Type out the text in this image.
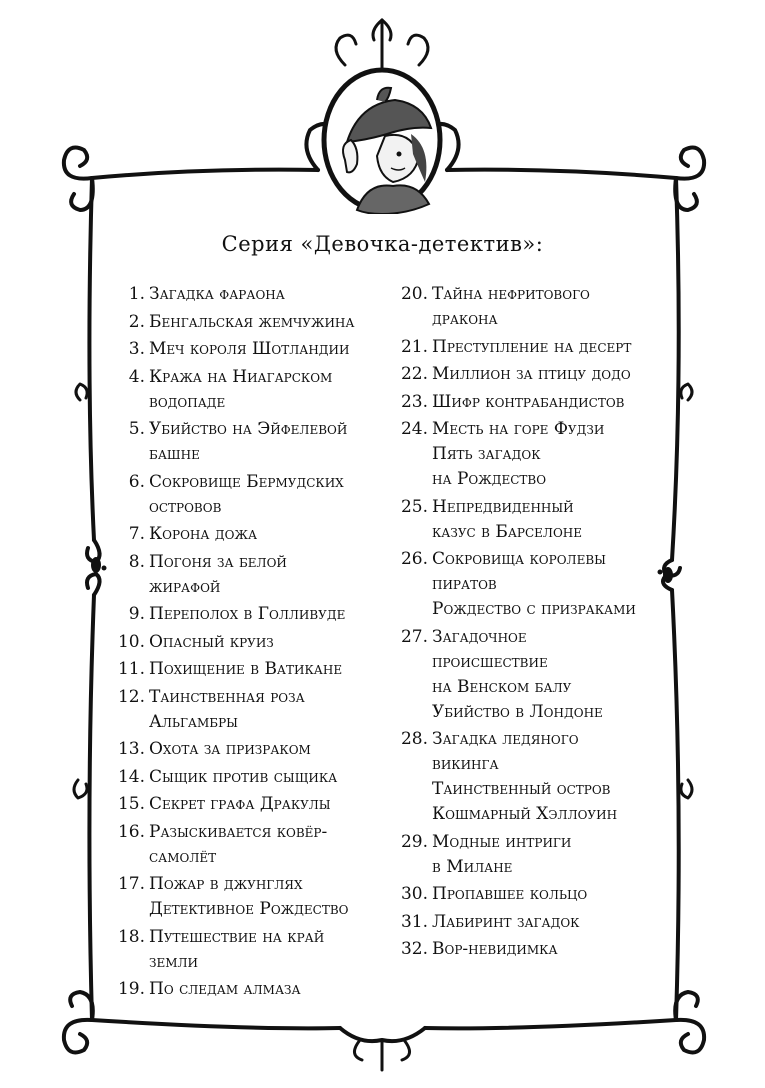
Серия «Девочка-детектив»:
1. Загадка фараона
2. Бенгальская жемчужина
3. Меч короля Шотландии
4. Кража на Ниагарском
водопаде
5. Убийство на Эйфелевой
башне
6. Сокровище Бермудских
островов
7. Корона дожа
8. Погоня за белой
жирафой
9. Переполох в Голливуде
10. Опасный круиз
11. Похищение в Ватикане
12. Таинственная роза
Альгамбры
13. Охота за призраком
14. Сыщик против сыщика
15. Секрет графа Дракулы
16. Разыскивается ковёр-
самолёт
17. Пожар в джунглях
Детективное Рождество
18. Путешествие на край
земли
19. По следам алмаза
20. Тайна нефритового
дракона
21. Преступление на десерт
22. Миллион за птицу додо
23. Шифр контрабандистов
24. Месть на горе Фудзи
Пять загадок
на Рождество
25. Непредвиденный
казус в Барселоне
26. Сокровища королевы
пиратов
Рождество с призраками
27. Загадочное
происшествие
на Венском балу
Убийство в Лондоне
28. Загадка ледяного
викинга
Таинственный остров
Кошмарный Хэллоуин
29. Модные интриги
в Милане
30. Пропавшее кольцо
31. Лабиринт загадок
32. Вор-невидимка
